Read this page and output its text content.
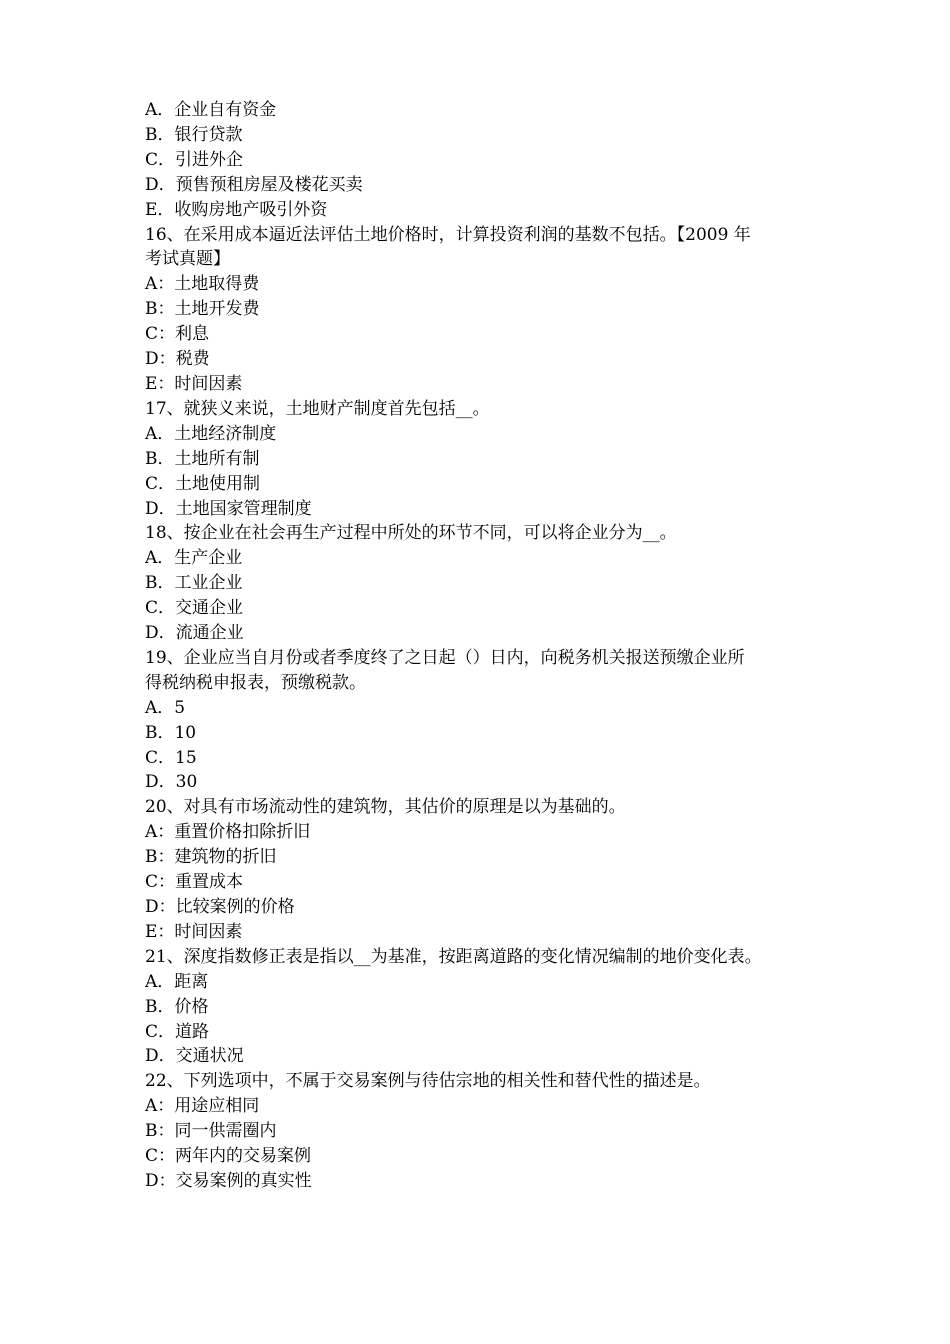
A．企业自有资金

B．银行贷款

C．引进外企

D．预售预租房屋及楼花买卖

E．收购房地产吸引外资

16、在采用成本逼近法评估土地价格时，计算投资利润的基数不包括。【2009 年

考试真题】

A：土地取得费

B：土地开发费

C：利息

D：税费

E：时间因素

17、就狭义来说，土地财产制度首先包括__。

A．土地经济制度

B．土地所有制

C．土地使用制

D．土地国家管理制度

18、按企业在社会再生产过程中所处的环节不同，可以将企业分为__。

A．生产企业

B．工业企业

C．交通企业

D．流通企业

19、企业应当自月份或者季度终了之日起（）日内，向税务机关报送预缴企业所

得税纳税申报表，预缴税款。

A．5

B．10

C．15

D．30

20、对具有市场流动性的建筑物，其估价的原理是以为基础的。

A：重置价格扣除折旧

B：建筑物的折旧

C：重置成本

D：比较案例的价格

E：时间因素

21、深度指数修正表是指以__为基准，按距离道路的变化情况编制的地价变化表。

A．距离

B．价格

C．道路

D．交通状况

22、下列选项中，不属于交易案例与待估宗地的相关性和替代性的描述是。

A：用途应相同

B：同一供需圈内

C：两年内的交易案例

D：交易案例的真实性
